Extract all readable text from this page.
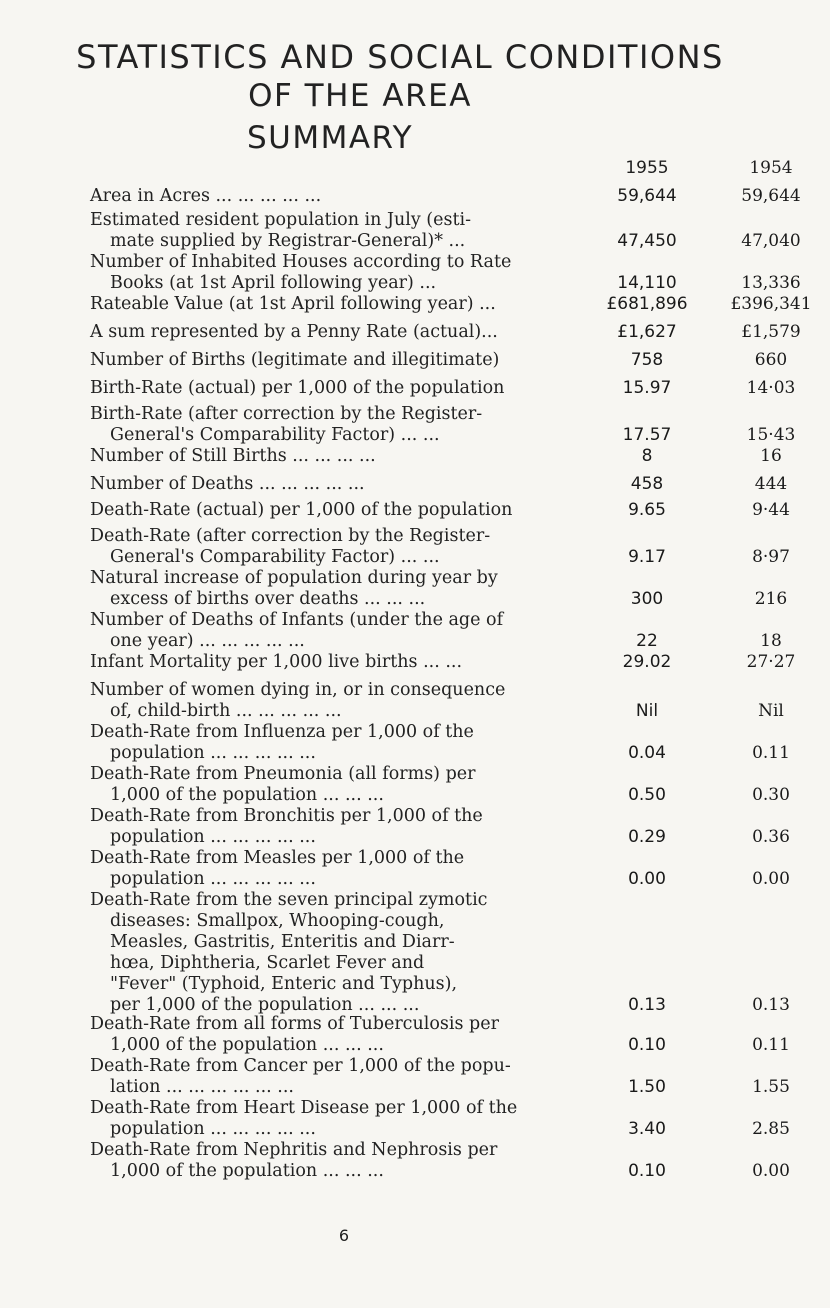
STATISTICS AND SOCIAL CONDITIONS
OF THE AREA
SUMMARY
1955	1954
Area in Acres ... ... ... ... ...	59,644	59,644
Estimated resident population in July (esti-
mate supplied by Registrar-General)* ...	47,450	47,040
Number of Inhabited Houses according to Rate
Books (at 1st April following year) ...	14,110	13,336
Rateable Value (at 1st April following year) ...	£681,896	£396,341
A sum represented by a Penny Rate (actual)...	£1,627	£1,579
Number of Births (legitimate and illegitimate)	758	660
Birth-Rate (actual) per 1,000 of the population	15.97	14·03
Birth-Rate (after correction by the Register-
General's Comparability Factor) ... ...	17.57	15·43
Number of Still Births ... ... ... ...	8	16
Number of Deaths ... ... ... ... ...	458	444
Death-Rate (actual) per 1,000 of the population	9.65	9·44
Death-Rate (after correction by the Register-
General's Comparability Factor) ... ...	9.17	8·97
Natural increase of population during year by
excess of births over deaths ... ... ...	300	216
Number of Deaths of Infants (under the age of
one year) ... ... ... ... ...	22	18
Infant Mortality per 1,000 live births ... ...	29.02	27·27
Number of women dying in, or in consequence
of, child-birth ... ... ... ... ...	Nil	Nil
Death-Rate from Influenza per 1,000 of the
population ... ... ... ... ...	0.04	0.11
Death-Rate from Pneumonia (all forms) per
1,000 of the population ... ... ...	0.50	0.30
Death-Rate from Bronchitis per 1,000 of the
population ... ... ... ... ...	0.29	0.36
Death-Rate from Measles per 1,000 of the
population ... ... ... ... ...	0.00	0.00
Death-Rate from the seven principal zymotic
diseases: Smallpox, Whooping-cough,
Measles, Gastritis, Enteritis and Diarr-
hœa, Diphtheria, Scarlet Fever and
"Fever" (Typhoid, Enteric and Typhus),
per 1,000 of the population ... ... ...	0.13	0.13
Death-Rate from all forms of Tuberculosis per
1,000 of the population ... ... ...	0.10	0.11
Death-Rate from Cancer per 1,000 of the popu-
lation ... ... ... ... ... ...	1.50	1.55
Death-Rate from Heart Disease per 1,000 of the
population ... ... ... ... ...	3.40	2.85
Death-Rate from Nephritis and Nephrosis per
1,000 of the population ... ... ...	0.10	0.00
6
